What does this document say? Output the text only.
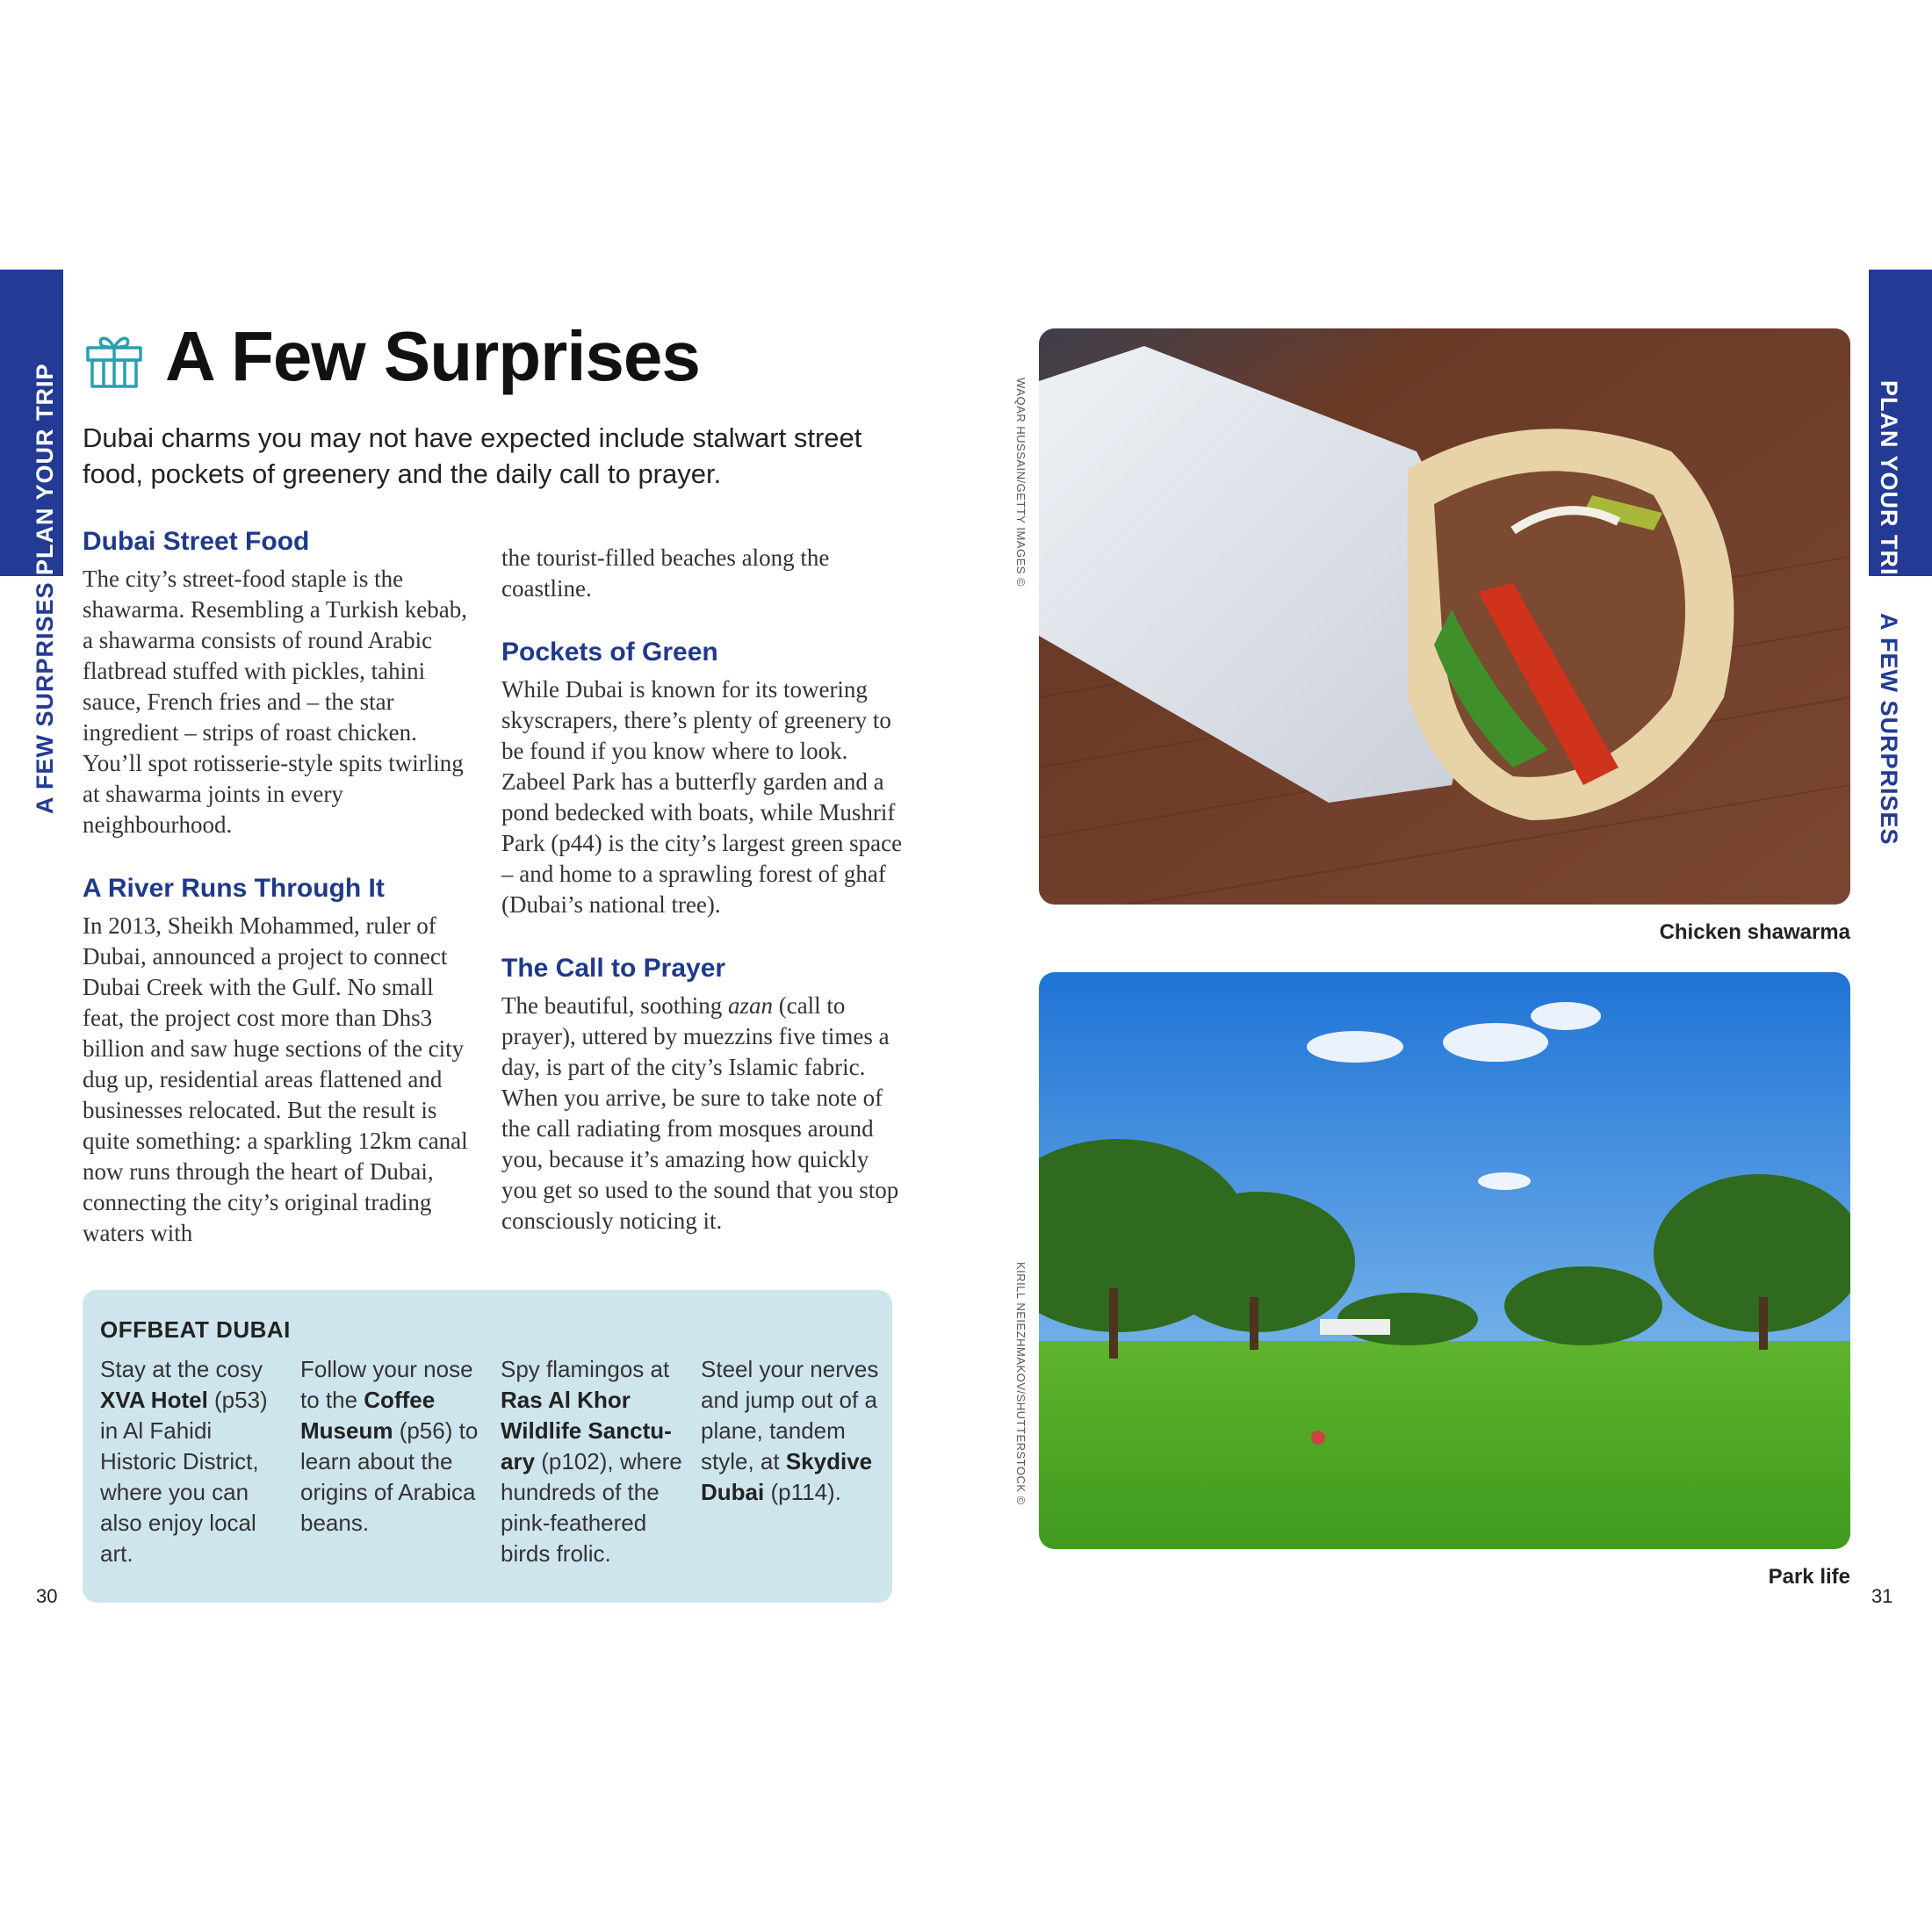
PLAN YOUR TRIP
A FEW SURPRISES
PLAN YOUR TRIP
A FEW SURPRISES
A Few Surprises
Dubai charms you may not have expected include stalwart street food, pockets of greenery and the daily call to prayer.
Dubai Street Food

The city’s street-food staple is the shawarma. Resembling a Turkish kebab, a shawarma consists of round Arabic flatbread stuffed with pickles, tahini sauce, French fries and – the star ingredient – strips of roast chicken. You’ll spot rotisserie-style spits twirling at shawarma joints in every neighbourhood.

A River Runs Through It

In 2013, Sheikh Mohammed, ruler of Dubai, announced a project to connect Dubai Creek with the Gulf. No small feat, the project cost more than Dhs3 billion and saw huge sections of the city dug up, residential areas flattened and businesses relocated. But the result is quite something: a sparkling 12km canal now runs through the heart of Dubai, connecting the city’s original trading waters with

the tourist-filled beaches along the coastline.

Pockets of Green

While Dubai is known for its towering skyscrapers, there’s plenty of greenery to be found if you know where to look. Zabeel Park has a butterfly garden and a pond bedecked with boats, while Mushrif Park (p44) is the city’s largest green space – and home to a sprawling forest of ghaf (Dubai’s national tree).

The Call to Prayer

The beautiful, soothing azan (call to prayer), uttered by muezzins five times a day, is part of the city’s Islamic fabric. When you arrive, be sure to take note of the call radiating from mosques around you, because it’s amazing how quickly you get so used to the sound that you stop consciously noticing it.

OFFBEAT DUBAI
Stay at the cosy XVA Hotel (p53) in Al Fahidi Historic District, where you can also enjoy local art.
Follow your nose to the Coffee Museum (p56) to learn about the origins of Arabica beans.
Spy flamingos at Ras Al Khor Wildlife Sanctu-ary (p102), where hundreds of the pink-feathered birds frolic.
Steel your nerves and jump out of a plane, tandem style, at Skydive Dubai (p114).
30	31
WAQAR HUSSAIN/GETTY IMAGES ©
Chicken shawarma
KIRILL NEIEZHMAKOV/SHUTTERSTOCK ©
Park life
